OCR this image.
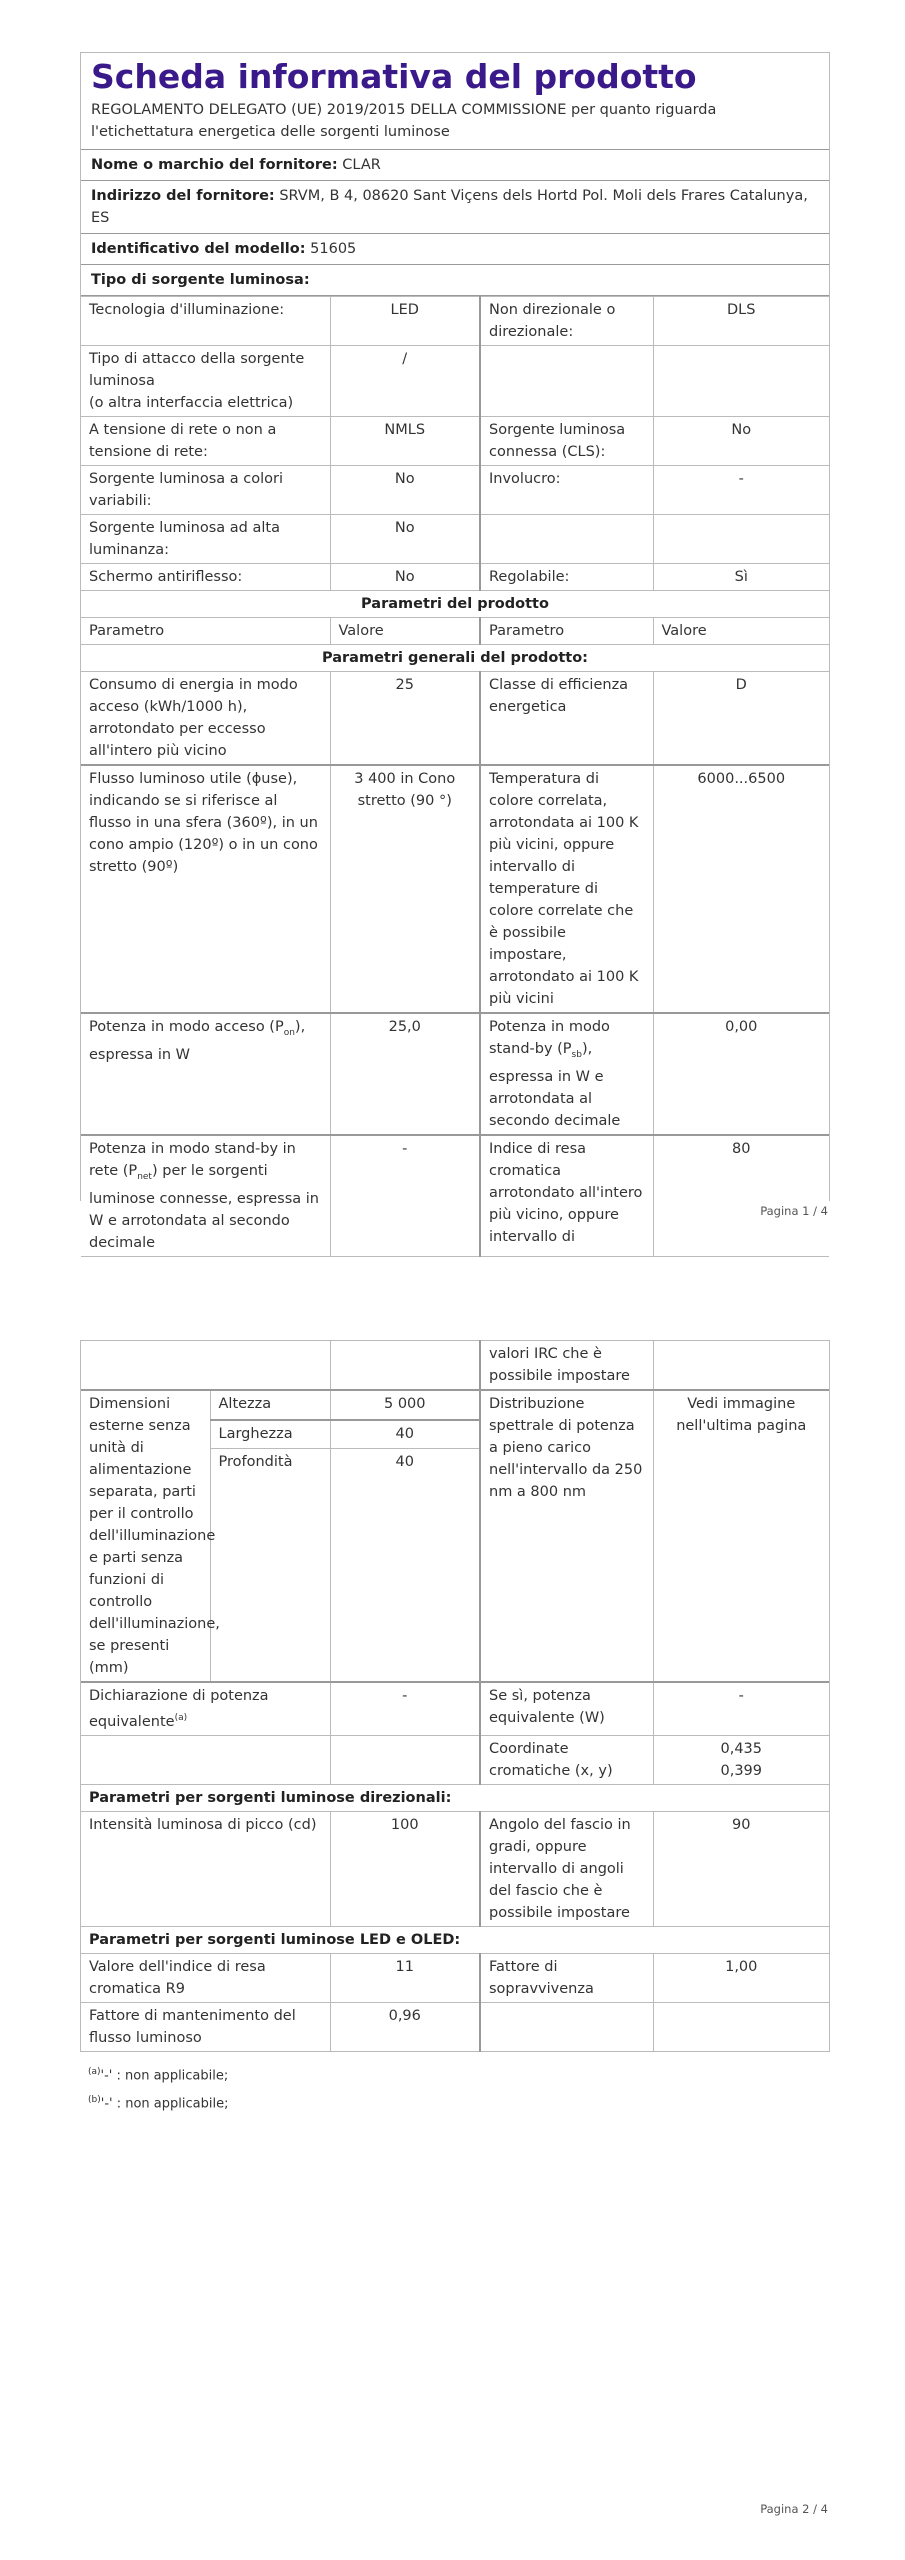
Scheda informativa del prodotto
REGOLAMENTO DELEGATO (UE) 2019/2015 DELLA COMMISSIONE per quanto riguarda l'etichettatura energetica delle sorgenti luminose
Nome o marchio del fornitore: CLAR
Indirizzo del fornitore: SRVM, B 4, 08620 Sant Viçens dels Hortd Pol. Moli dels Frares Catalunya, ES
Identificativo del modello: 51605
Tipo di sorgente luminosa:
Tecnologia d'illuminazione:	LED	Non direzionale o direzionale:	DLS

Tipo di attacco della sorgente luminosa
(o altra interfaccia elettrica)	/		
A tensione di rete o non a tensione di rete:	NMLS	Sorgente luminosa connessa (CLS):	No
Sorgente luminosa a colori variabili:	No	Involucro:	-
Sorgente luminosa ad alta luminanza:	No		
Schermo antiriflesso:	No	Regolabile:	Sì
Parametri del prodotto			
Parametro	Valore	Parametro	Valore
Parametri generali del prodotto:			
Consumo di energia in modo acceso (kWh/1000 h), arrotondato per eccesso all'intero più vicino	25	Classe di efficienza energetica	D
Flusso luminoso utile (ϕuse), indicando se si riferisce al flusso in una sfera (360º), in un cono ampio (120º) o in un cono stretto (90º)	3 400 in Cono stretto (90 °)	Temperatura di colore correlata, arrotondata ai 100 K più vicini, oppure intervallo di temperature di colore correlate che è possibile impostare, arrotondato ai 100 K più vicini	6000...6500
Potenza in modo acceso $(P_{on})$, espressa in W	25,0	Potenza in modo stand-by $(P_{sb})$, espressa in W e arrotondata al secondo decimale	0,00
Potenza in modo stand-by in rete $(P_{net})$ per le sorgenti luminose connesse, espressa in W e arrotondata al secondo decimale	-	Indice di resa cromatica arrotondato all'intero più vicino, oppure intervallo di	80
Pagina 1 / 4
			valori IRC che è possibile impostare	
Dimensioni esterne senza unità di alimentazione separata, parti per il controllo dell'illuminazione e parti senza funzioni di controllo dell'illuminazione, se presenti (mm)	Altezza	5 000	Distribuzione spettrale di potenza a pieno carico nell'intervallo da 250 nm a 800 nm	Vedi immagine nell'ultima pagina
	Larghezza	40		
	Profondità	40		
Dichiarazione di potenza equivalente$^{(a)}$		-	Se sì, potenza equivalente (W)	-
			Coordinate cromatiche (x, y)	0,435
0,399

Parametri per sorgenti luminose direzionali:				
Intensità luminosa di picco (cd)		100	Angolo del fascio in gradi, oppure intervallo di angoli del fascio che è possibile impostare	90
Parametri per sorgenti luminose LED e OLED:				
Valore dell'indice di resa cromatica R9		11	Fattore di sopravvivenza	1,00
Fattore di mantenimento del flusso luminoso		0,96		
$^{(a)}$'-' : non applicabile;
$^{(b)}$'-' : non applicabile;
Pagina 2 / 4
